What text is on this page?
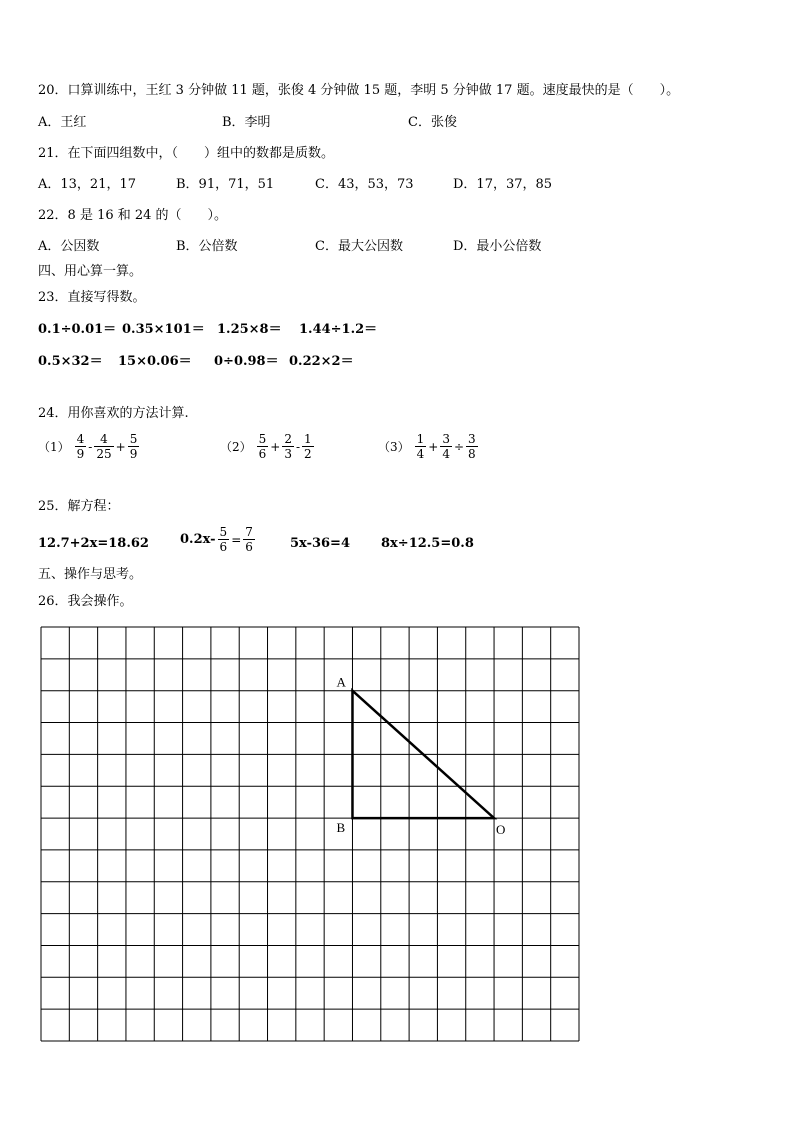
20．口算训练中，王红 3 分钟做 11 题，张俊 4 分钟做 15 题，李明 5 分钟做 17 题。速度最快的是（　　）。
A．王红	B．李明	C．张俊
21．在下面四组数中，（　　）组中的数都是质数。
A．13，21，17	B．91，71，51	C．43，53，73	D．17，37，85
22．8 是 16 和 24 的（　　）。
A．公因数	B．公倍数	C．最大公因数	D．最小公倍数
四、用心算一算。
23．直接写得数。
0.1÷0.01＝ 0.35×101＝ 1.25×8＝ 1.44÷1.2＝
0.5×32＝ 15×0.06＝ 0÷0.98＝ 0.22×2＝
24．用你喜欢的方法计算.
$(1) \frac{4}{9} - \frac{4}{25} + \frac{5}{9}$	$(2) \frac{5}{6} + \frac{2}{3} - \frac{1}{2}$	$(3) \frac{1}{4} + \frac{3}{4} \div \frac{3}{8}$
25．解方程：
12.7+2x=18.62 $0.2x- \frac{5}{6} = \frac{7}{6}$	5x-36=4 8x÷12.5=0.8
五、操作与思考。
26．我会操作。
A
B	O
